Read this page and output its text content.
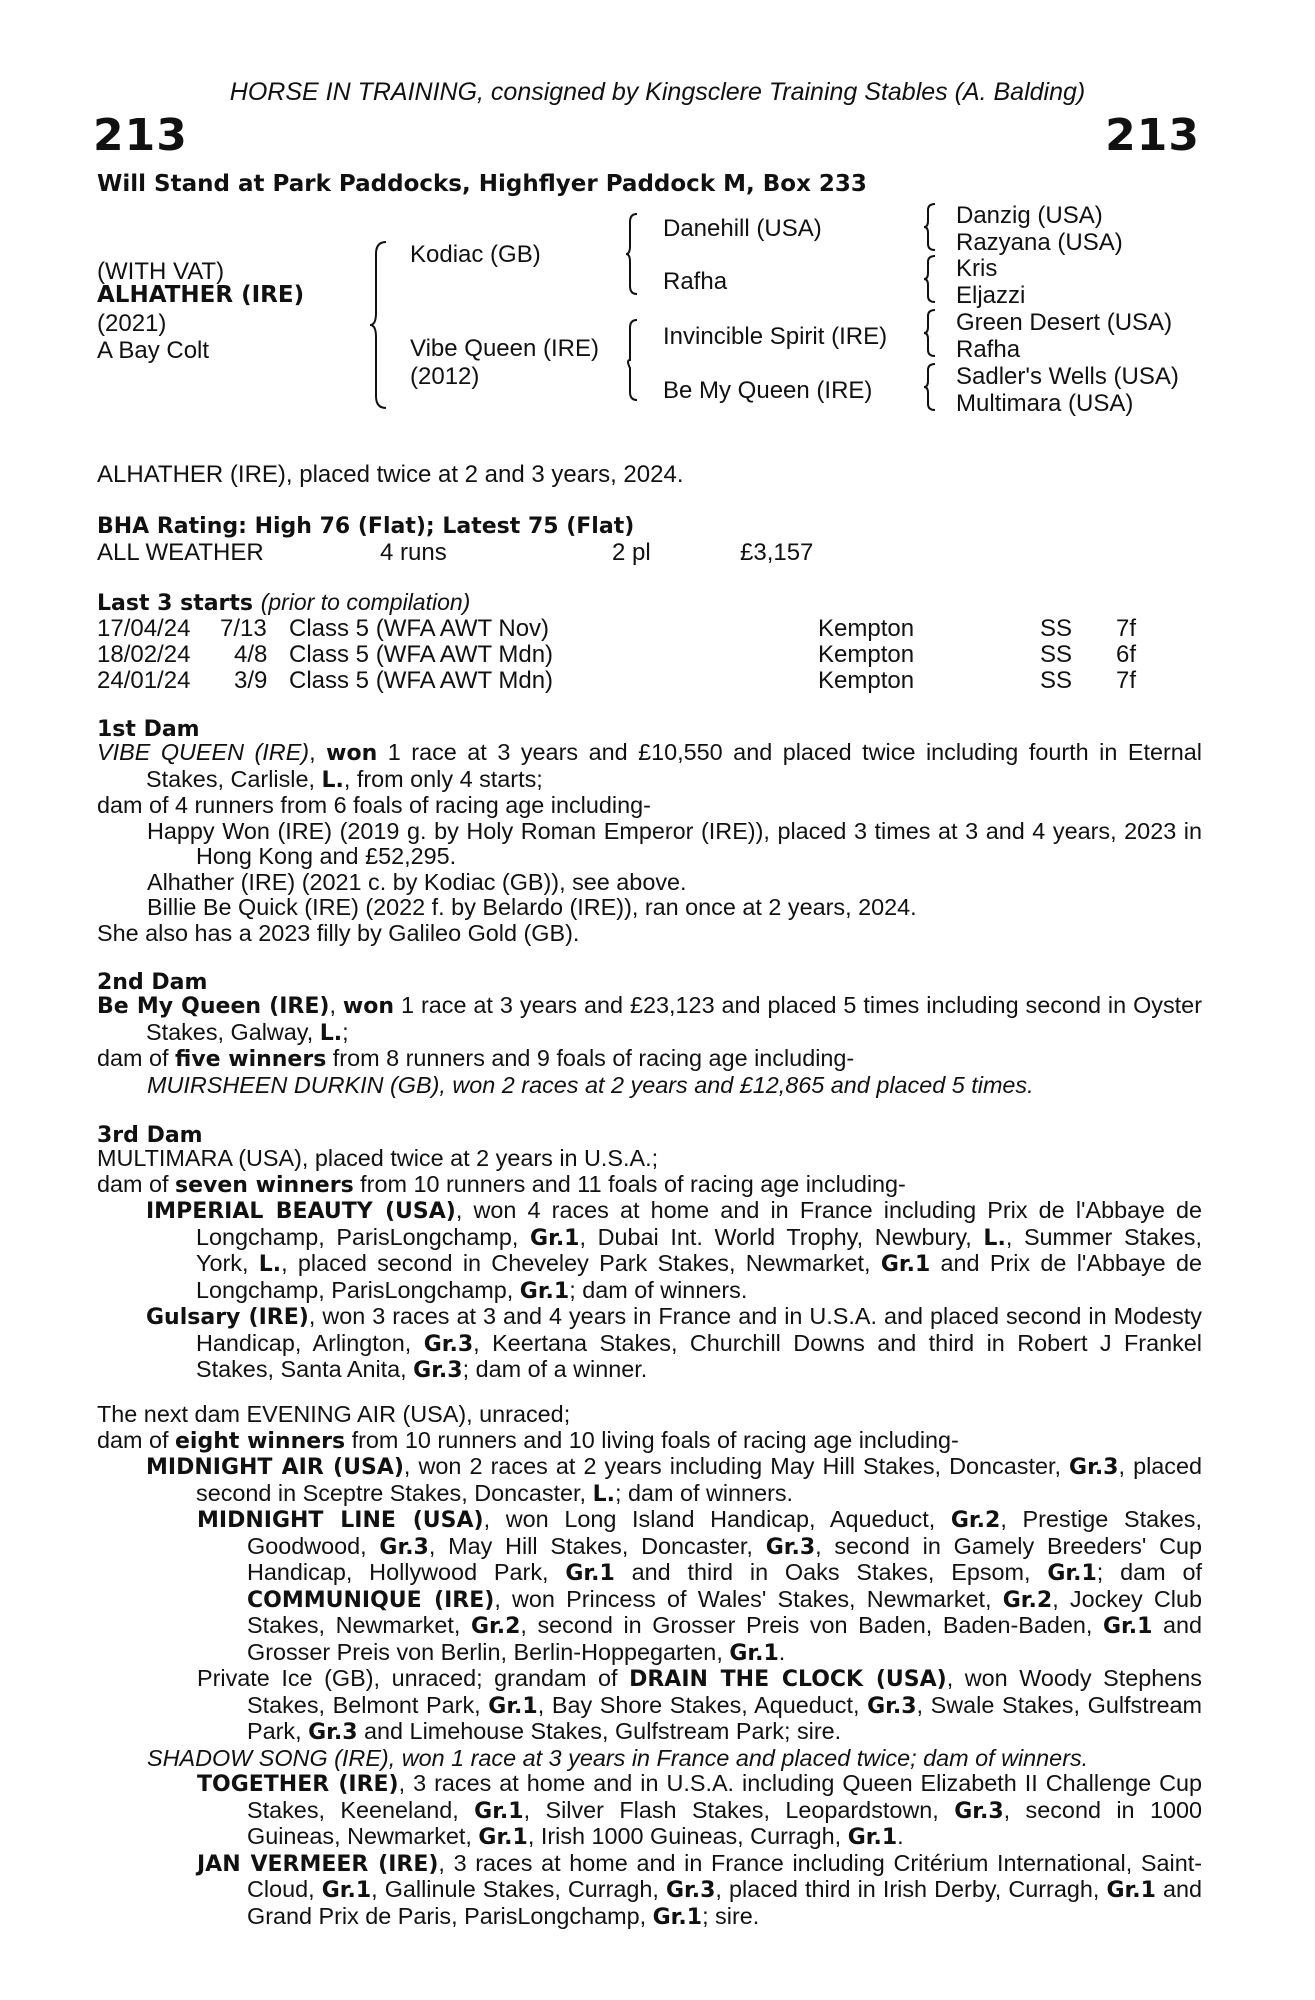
HORSE IN TRAINING, consigned by Kingsclere Training Stables (A. Balding)
213	213
Will Stand at Park Paddocks, Highflyer Paddock M, Box 233
(WITH VAT)
ALHATHER (IRE)
(2021)
A Bay Colt
Kodiac (GB)
Vibe Queen (IRE)
(2012)
Danehill (USA)
Rafha
Invincible Spirit (IRE)
Be My Queen (IRE)
Danzig (USA)
Razyana (USA)
Kris
Eljazzi
Green Desert (USA)
Rafha
Sadler's Wells (USA)
Multimara (USA)
ALHATHER (IRE), placed twice at 2 and 3 years, 2024.
BHA Rating: High 76 (Flat); Latest 75 (Flat)
ALL WEATHER	4 runs	2 pl	£3,157
Last 3 starts (prior to compilation)
17/04/24 7/13 Class 5 (WFA AWT Nov)	Kempton	SS 7f
18/02/24 4/8 Class 5 (WFA AWT Mdn)	Kempton	SS 6f
24/01/24 3/9 Class 5 (WFA AWT Mdn)	Kempton	SS 7f
1st Dam

VIBE QUEEN (IRE), won 1 race at 3 years and £10,550 and placed twice including fourth in Eternal Stakes, Carlisle, L., from only 4 starts;

dam of 4 runners from 6 foals of racing age including-

Happy Won (IRE) (2019 g. by Holy Roman Emperor (IRE)), placed 3 times at 3 and 4 years, 2023 in Hong Kong and £52,295.

Alhather (IRE) (2021 c. by Kodiac (GB)), see above.

Billie Be Quick (IRE) (2022 f. by Belardo (IRE)), ran once at 2 years, 2024.

She also has a 2023 filly by Galileo Gold (GB).

2nd Dam

Be My Queen (IRE), won 1 race at 3 years and £23,123 and placed 5 times including second in Oyster Stakes, Galway, L.;

dam of five winners from 8 runners and 9 foals of racing age including-

MUIRSHEEN DURKIN (GB), won 2 races at 2 years and £12,865 and placed 5 times.

3rd Dam

MULTIMARA (USA), placed twice at 2 years in U.S.A.;

dam of seven winners from 10 runners and 11 foals of racing age including-

IMPERIAL BEAUTY (USA), won 4 races at home and in France including Prix de l'Abbaye de Longchamp, ParisLongchamp, Gr.1, Dubai Int. World Trophy, Newbury, L., Summer Stakes, York, L., placed second in Cheveley Park Stakes, Newmarket, Gr.1 and Prix de l'Abbaye de Longchamp, ParisLongchamp, Gr.1; dam of winners.

Gulsary (IRE), won 3 races at 3 and 4 years in France and in U.S.A. and placed second in Modesty Handicap, Arlington, Gr.3, Keertana Stakes, Churchill Downs and third in Robert J Frankel Stakes, Santa Anita, Gr.3; dam of a winner.

The next dam EVENING AIR (USA), unraced;

dam of eight winners from 10 runners and 10 living foals of racing age including-

MIDNIGHT AIR (USA), won 2 races at 2 years including May Hill Stakes, Doncaster, Gr.3, placed second in Sceptre Stakes, Doncaster, L.; dam of winners.

MIDNIGHT LINE (USA), won Long Island Handicap, Aqueduct, Gr.2, Prestige Stakes, Goodwood, Gr.3, May Hill Stakes, Doncaster, Gr.3, second in Gamely Breeders' Cup Handicap, Hollywood Park, Gr.1 and third in Oaks Stakes, Epsom, Gr.1; dam of COMMUNIQUE (IRE), won Princess of Wales' Stakes, Newmarket, Gr.2, Jockey Club Stakes, Newmarket, Gr.2, second in Grosser Preis von Baden, Baden-Baden, Gr.1 and Grosser Preis von Berlin, Berlin-Hoppegarten, Gr.1.

Private Ice (GB), unraced; grandam of DRAIN THE CLOCK (USA), won Woody Stephens Stakes, Belmont Park, Gr.1, Bay Shore Stakes, Aqueduct, Gr.3, Swale Stakes, Gulfstream Park, Gr.3 and Limehouse Stakes, Gulfstream Park; sire.

SHADOW SONG (IRE), won 1 race at 3 years in France and placed twice; dam of winners.

TOGETHER (IRE), 3 races at home and in U.S.A. including Queen Elizabeth II Challenge Cup Stakes, Keeneland, Gr.1, Silver Flash Stakes, Leopardstown, Gr.3, second in 1000 Guineas, Newmarket, Gr.1, Irish 1000 Guineas, Curragh, Gr.1.

JAN VERMEER (IRE), 3 races at home and in France including Critérium International, Saint-Cloud, Gr.1, Gallinule Stakes, Curragh, Gr.3, placed third in Irish Derby, Curragh, Gr.1 and Grand Prix de Paris, ParisLongchamp, Gr.1; sire.
